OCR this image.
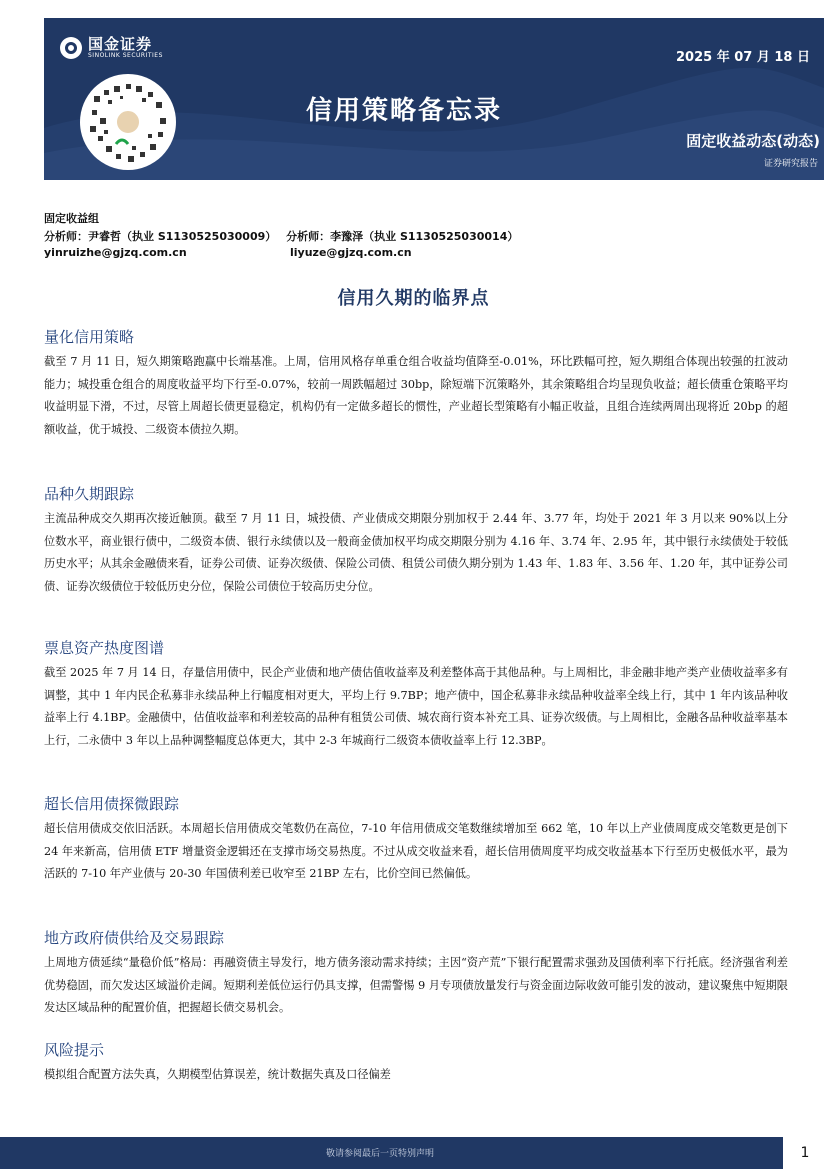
国金证券
SINOLINK SECURITIES	2025 年 07 月 18 日
信用策略备忘录
固定收益动态(动态)
证券研究报告
固定收益组
分析师：尹睿哲（执业 S1130525030009） 分析师：李豫泽（执业 S1130525030014）
yinruizhe@gjzq.com.cn	liyuze@gjzq.com.cn
信用久期的临界点
量化信用策略
截至 7 月 11 日，短久期策略跑赢中长端基准。上周，信用风格存单重仓组合收益均值降至-0.01%，环比跌幅可控，短久期组合体现出较强的扛波动能力；城投重仓组合的周度收益平均下行至-0.07%，较前一周跌幅超过 30bp，除短端下沉策略外，其余策略组合均呈现负收益；超长债重仓策略平均收益明显下滑，不过，尽管上周超长债更显稳定，机构仍有一定做多超长的惯性，产业超长型策略有小幅正收益，且组合连续两周出现将近 20bp 的超额收益，优于城投、二级资本债拉久期。
品种久期跟踪
主流品种成交久期再次接近触顶。截至 7 月 11 日，城投债、产业债成交期限分别加权于 2.44 年、3.77 年，均处于 2021 年 3 月以来 90%以上分位数水平，商业银行债中，二级资本债、银行永续债以及一般商金债加权平均成交期限分别为 4.16 年、3.74 年、2.95 年，其中银行永续债处于较低历史水平；从其余金融债来看，证券公司债、证券次级债、保险公司债、租赁公司债久期分别为 1.43 年、1.83 年、3.56 年、1.20 年，其中证券公司债、证券次级债位于较低历史分位，保险公司债位于较高历史分位。
票息资产热度图谱
截至 2025 年 7 月 14 日，存量信用债中，民企产业债和地产债估值收益率及利差整体高于其他品种。与上周相比，非金融非地产类产业债收益率多有调整，其中 1 年内民企私募非永续品种上行幅度相对更大，平均上行 9.7BP；地产债中，国企私募非永续品种收益率全线上行，其中 1 年内该品种收益率上行 4.1BP。金融债中，估值收益率和利差较高的品种有租赁公司债、城农商行资本补充工具、证券次级债。与上周相比，金融各品种收益率基本上行，二永债中 3 年以上品种调整幅度总体更大，其中 2-3 年城商行二级资本债收益率上行 12.3BP。
超长信用债探微跟踪
超长信用债成交依旧活跃。本周超长信用债成交笔数仍在高位，7-10 年信用债成交笔数继续增加至 662 笔，10 年以上产业债周度成交笔数更是创下 24 年来新高，信用债 ETF 增量资金逻辑还在支撑市场交易热度。不过从成交收益来看，超长信用债周度平均成交收益基本下行至历史极低水平，最为活跃的 7-10 年产业债与 20-30 年国债利差已收窄至 21BP 左右，比价空间已然偏低。
地方政府债供给及交易跟踪
上周地方债延续“量稳价低”格局：再融资债主导发行，地方债务滚动需求持续；主因“资产荒”下银行配置需求强劲及国债利率下行托底。经济强省利差优势稳固，而欠发达区域溢价走阔。短期利差低位运行仍具支撑，但需警惕 9 月专项债放量发行与资金面边际收敛可能引发的波动，建议聚焦中短期限发达区域品种的配置价值，把握超长债交易机会。
风险提示
模拟组合配置方法失真，久期模型估算误差，统计数据失真及口径偏差
敬请参阅最后一页特别声明	1
